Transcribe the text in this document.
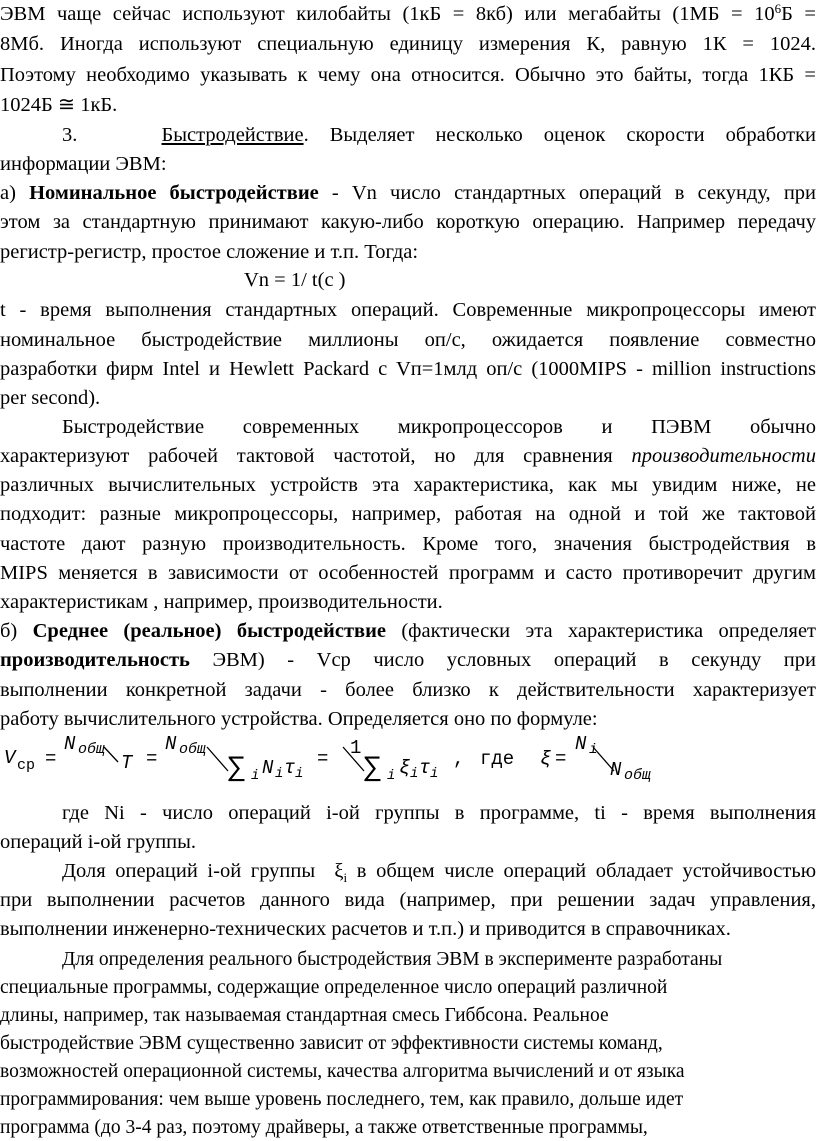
ЭВМ чаще сейчас используют килобайты (1кБ = 8кб) или мегабайты ($1МБ = 10^6Б$ =
8Мб. Иногда используют специальную единицу измерения К, равную 1К = 1024.
Поэтому необходимо указывать к чему она относится. Обычно это байты, тогда 1КБ =
1024Б ≅ 1кБ.
3.	Быстродействие. Выделяет несколько оценок скорости обработки
информации ЭВМ:
а) Номинальное быстродействие - Vn число стандартных операций в секунду, при
этом за стандартную принимают какую-либо короткую операцию. Например передачу
регистр-регистр, простое сложение и т.п. Тогда:
Vn = 1/ t(c )
t - время выполнения стандартных операций. Современные микропроцессоры имеют
номинальное быстродействие миллионы оп/с, ожидается появление совместно
разработки фирм Intel и Hewlett Packard c Vп=1млд оп/с (1000MIPS - million instructions
per second).
Быстродействие современных микропроцессоров и ПЭВМ обычно
характеризуют рабочей тактовой частотой, но для сравнения производительности
различных вычислительных устройств эта характеристика, как мы увидим ниже, не
подходит: разные микропроцессоры, например, работая на одной и той же тактовой
частоте дают разную производительность. Кроме того, значения быстродействия в
MIPS меняется в зависимости от особенностей программ и састо противоречит другим
характеристикам , например, производительности.
б) Среднее (реальное) быстродействие (фактически эта характеристика определяет
производительность ЭВМ) - Vср число условных операций в секунду при
выполнении конкретной задачи - более близко к действительности характеризует
работу вычислительного устройства. Определяется оно по формуле:
V ср =
N общ
T =
N общ
∑ i N i τ i
= 1
∑ i ξ i τ i
, где ξ =
N i
N общ
где Ni - число операций i-ой группы в программе, ti - время выполнения
операций i-ой группы.
Доля операций i-ой группы $\xi_i$ в общем числе операций обладает устойчивостью
при выполнении расчетов данного вида (например, при решении задач управления,
выполнении инженерно-технических расчетов и т.п.) и приводится в справочниках.
Для определения реального быстродействия ЭВМ в эксперименте разработаны
специальные программы, содержащие определенное число операций различной
длины, например, так называемая стандартная смесь Гиббсона. Реальное
быстродействие ЭВМ существенно зависит от эффективности системы команд,
возможностей операционной системы, качества алгоритма вычислений и от языка
программирования: чем выше уровень последнего, тем, как правило, дольше идет
программа (до 3-4 раз, поэтому драйверы, а также ответственные программы,
